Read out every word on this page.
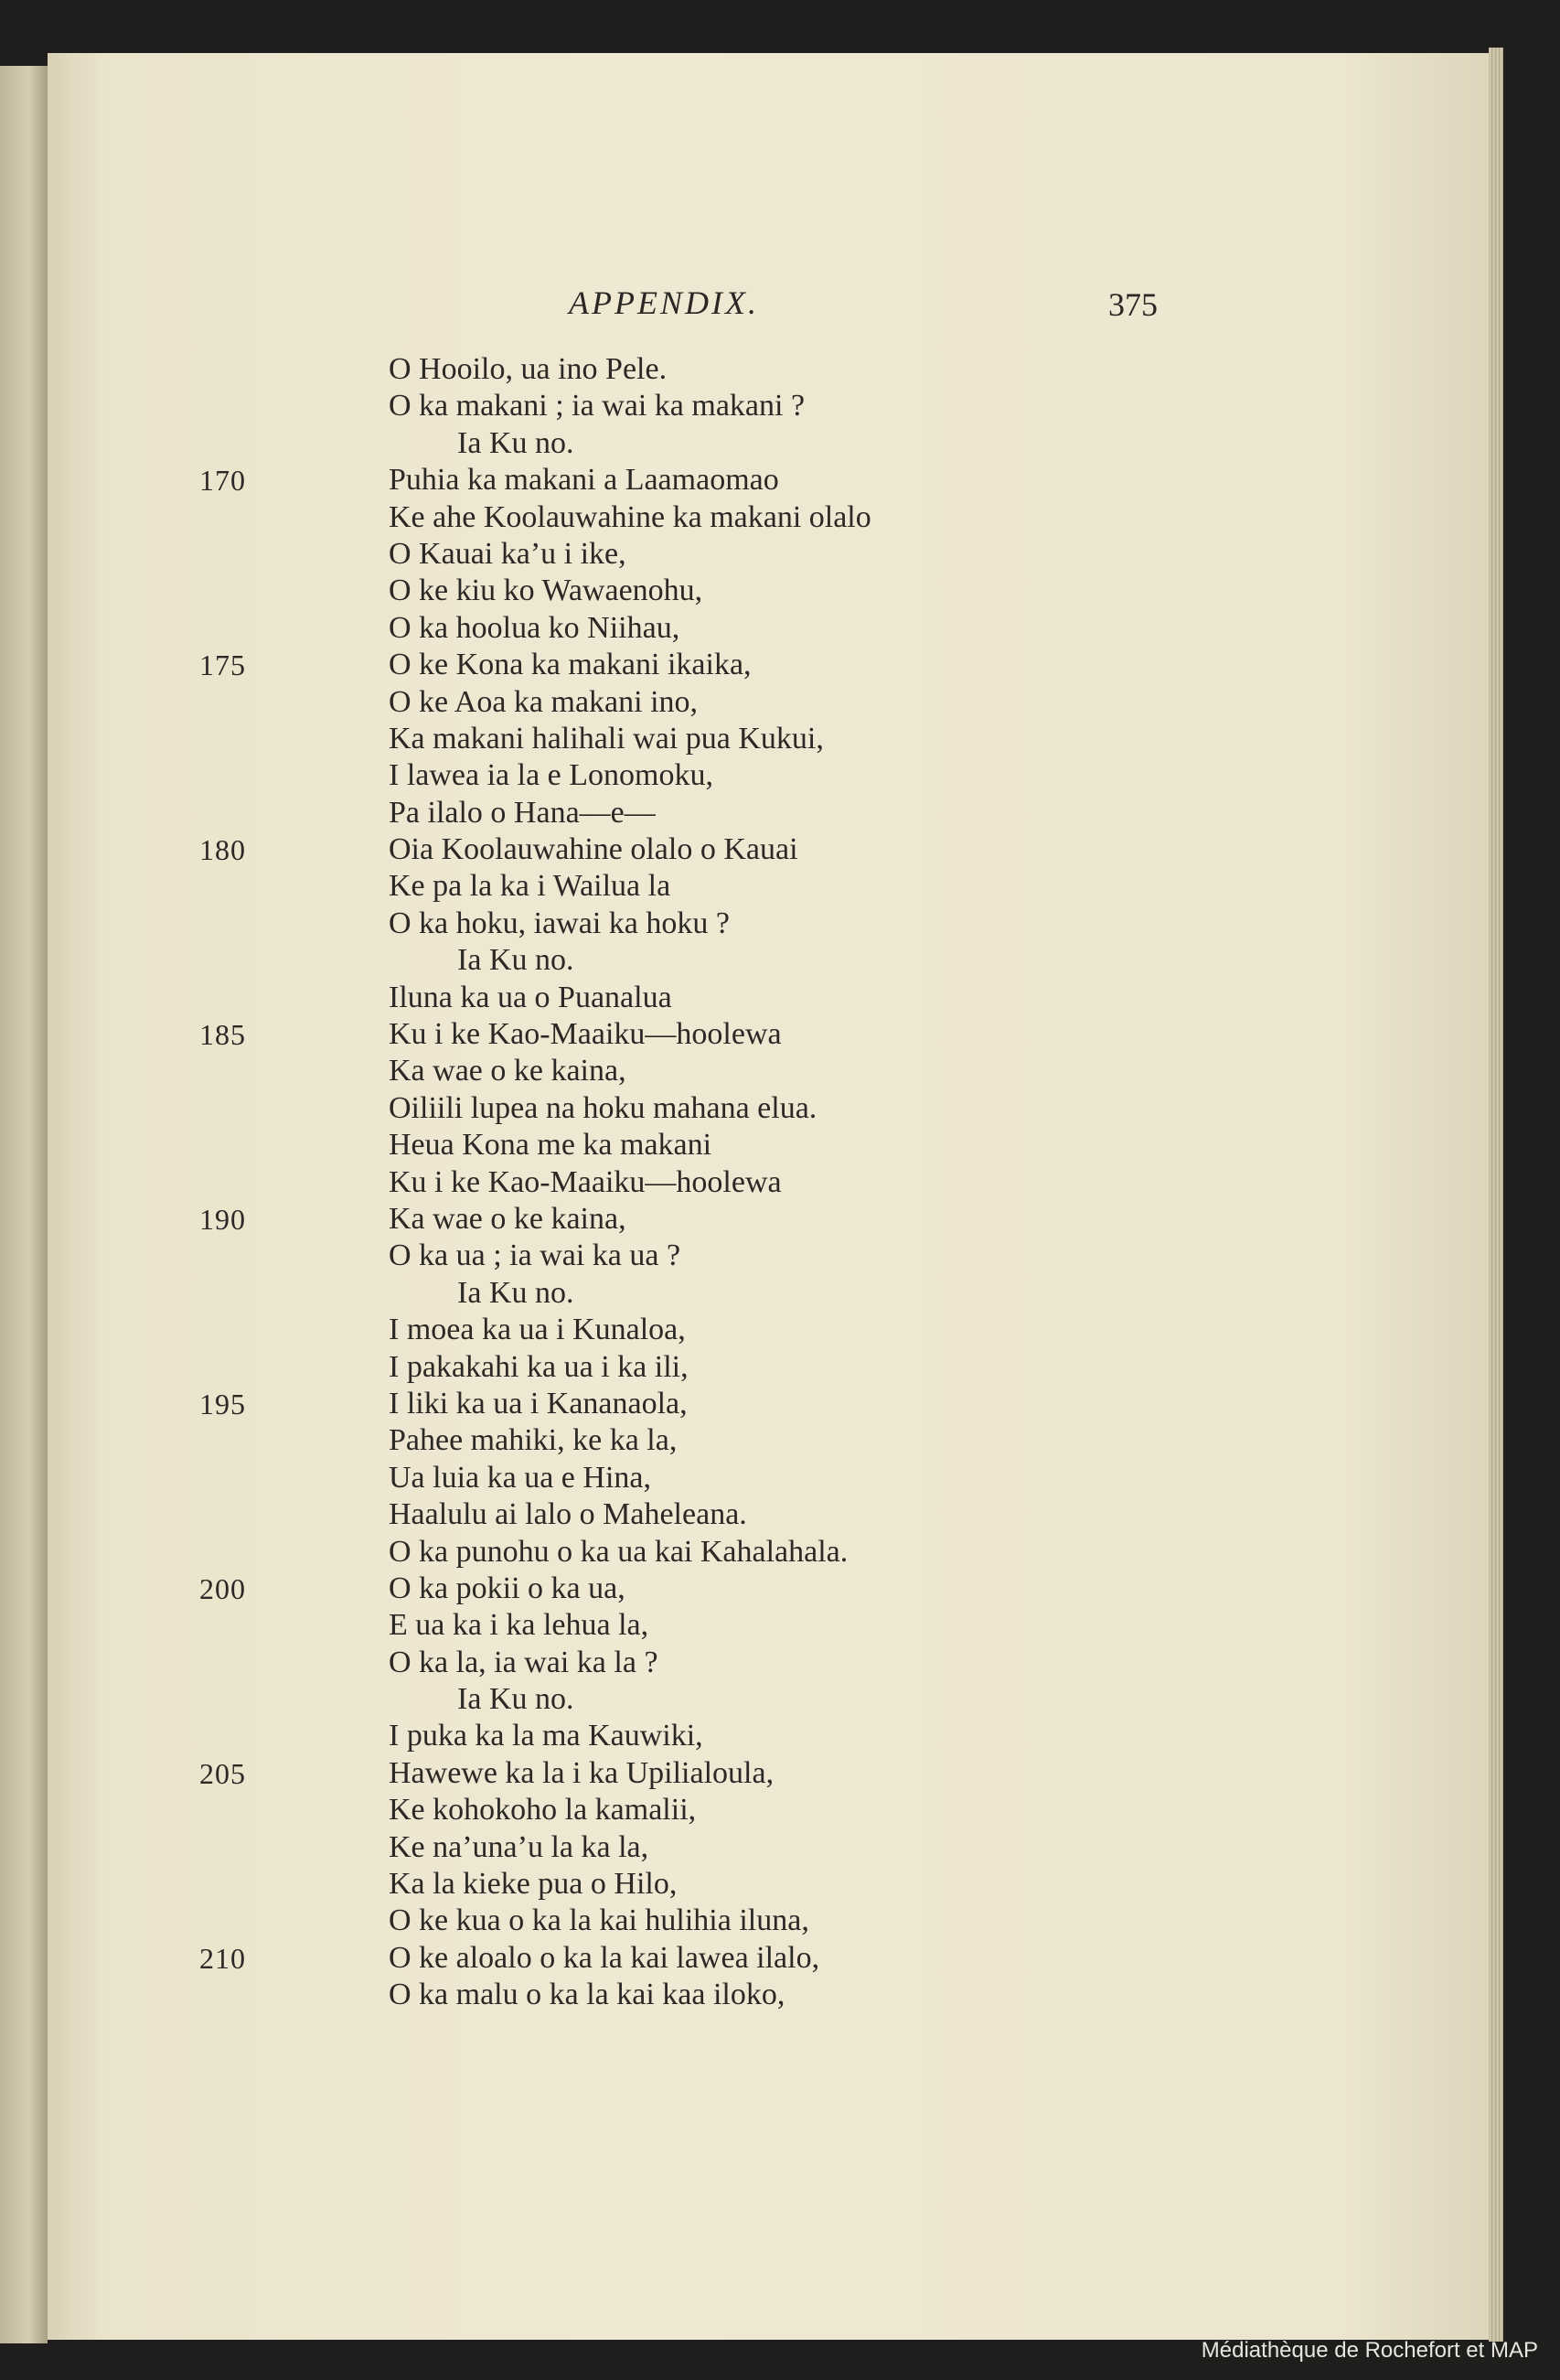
APPENDIX.	375
O Hooilo, ua ino Pele.
O ka makani ; ia wai ka makani ?
Ia Ku no.
170	Puhia ka makani a Laamaomao
Ke ahe Koolauwahine ka makani olalo
O Kauai ka’u i ike,
O ke kiu ko Wawaenohu,
O ka hoolua ko Niihau,
175	O ke Kona ka makani ikaika,
O ke Aoa ka makani ino,
Ka makani halihali wai pua Kukui,
I lawea ia la e Lonomoku,
Pa ilalo o Hana—e—
180	Oia Koolauwahine olalo o Kauai
Ke pa la ka i Wailua la
O ka hoku, iawai ka hoku ?
Ia Ku no.
Iluna ka ua o Puanalua
185	Ku i ke Kao-Maaiku—hoolewa
Ka wae o ke kaina,
Oiliili lupea na hoku mahana elua.
Heua Kona me ka makani
Ku i ke Kao-Maaiku—hoolewa
190	Ka wae o ke kaina,
O ka ua ; ia wai ka ua ?
Ia Ku no.
I moea ka ua i Kunaloa,
I pakakahi ka ua i ka ili,
195	I liki ka ua i Kananaola,
Pahee mahiki, ke ka la,
Ua luia ka ua e Hina,
Haalulu ai lalo o Maheleana.
O ka punohu o ka ua kai Kahalahala.
200	O ka pokii o ka ua,
E ua ka i ka lehua la,
O ka la, ia wai ka la ?
Ia Ku no.
I puka ka la ma Kauwiki,
205	Hawewe ka la i ka Upilialoula,
Ke kohokoho la kamalii,
Ke na’una’u la ka la,
Ka la kieke pua o Hilo,
O ke kua o ka la kai hulihia iluna,
210	O ke aloalo o ka la kai lawea ilalo,
O ka malu o ka la kai kaa iloko,
Médiathèque de Rochefort et MAP
